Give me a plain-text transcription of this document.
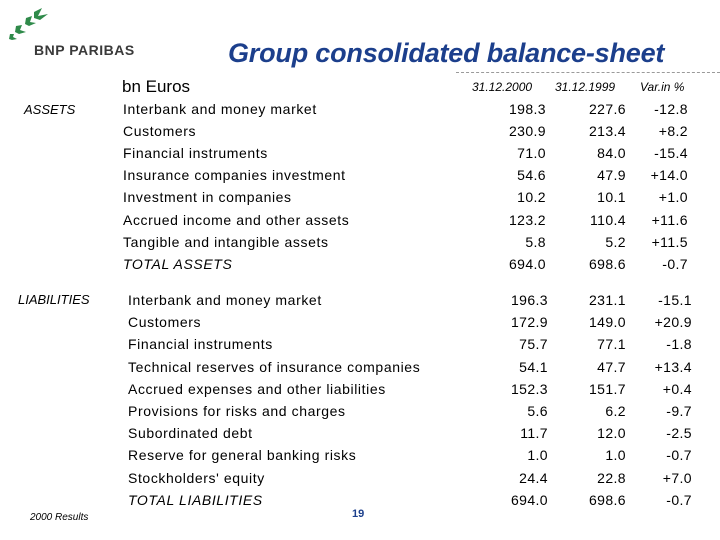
BNP PARIBAS	Group consolidated balance-sheet
bn Euros	31.12.2000 31.12.1999 Var.in %
ASSETS	Interbank and money market	198.3	227.6 -12.8
Customers	230.9	213.4 +8.2
Financial instruments	71.0	84.0 -15.4
Insurance companies investment	54.6	47.9 +14.0
Investment in companies	10.2	10.1 +1.0
Accrued income and other assets	123.2	110.4 +11.6
Tangible and intangible assets	5.8	5.2 +11.5
TOTAL ASSETS	694.0	698.6	-0.7
LIABILITIES	Interbank and money market	196.3	231.1 -15.1
Customers	172.9	149.0 +20.9
Financial instruments	75.7	77.1	-1.8
Technical reserves of insurance companies	54.1	47.7 +13.4
Accrued expenses and other liabilities	152.3	151.7	+0.4
Provisions for risks and charges	5.6	6.2	-9.7
Subordinated debt	11.7	12.0	-2.5
Reserve for general banking risks	1.0	1.0	-0.7
Stockholders' equity	24.4	22.8	+7.0
TOTAL LIABILITIES	694.0	698.6	-0.7
2000 Results	19
